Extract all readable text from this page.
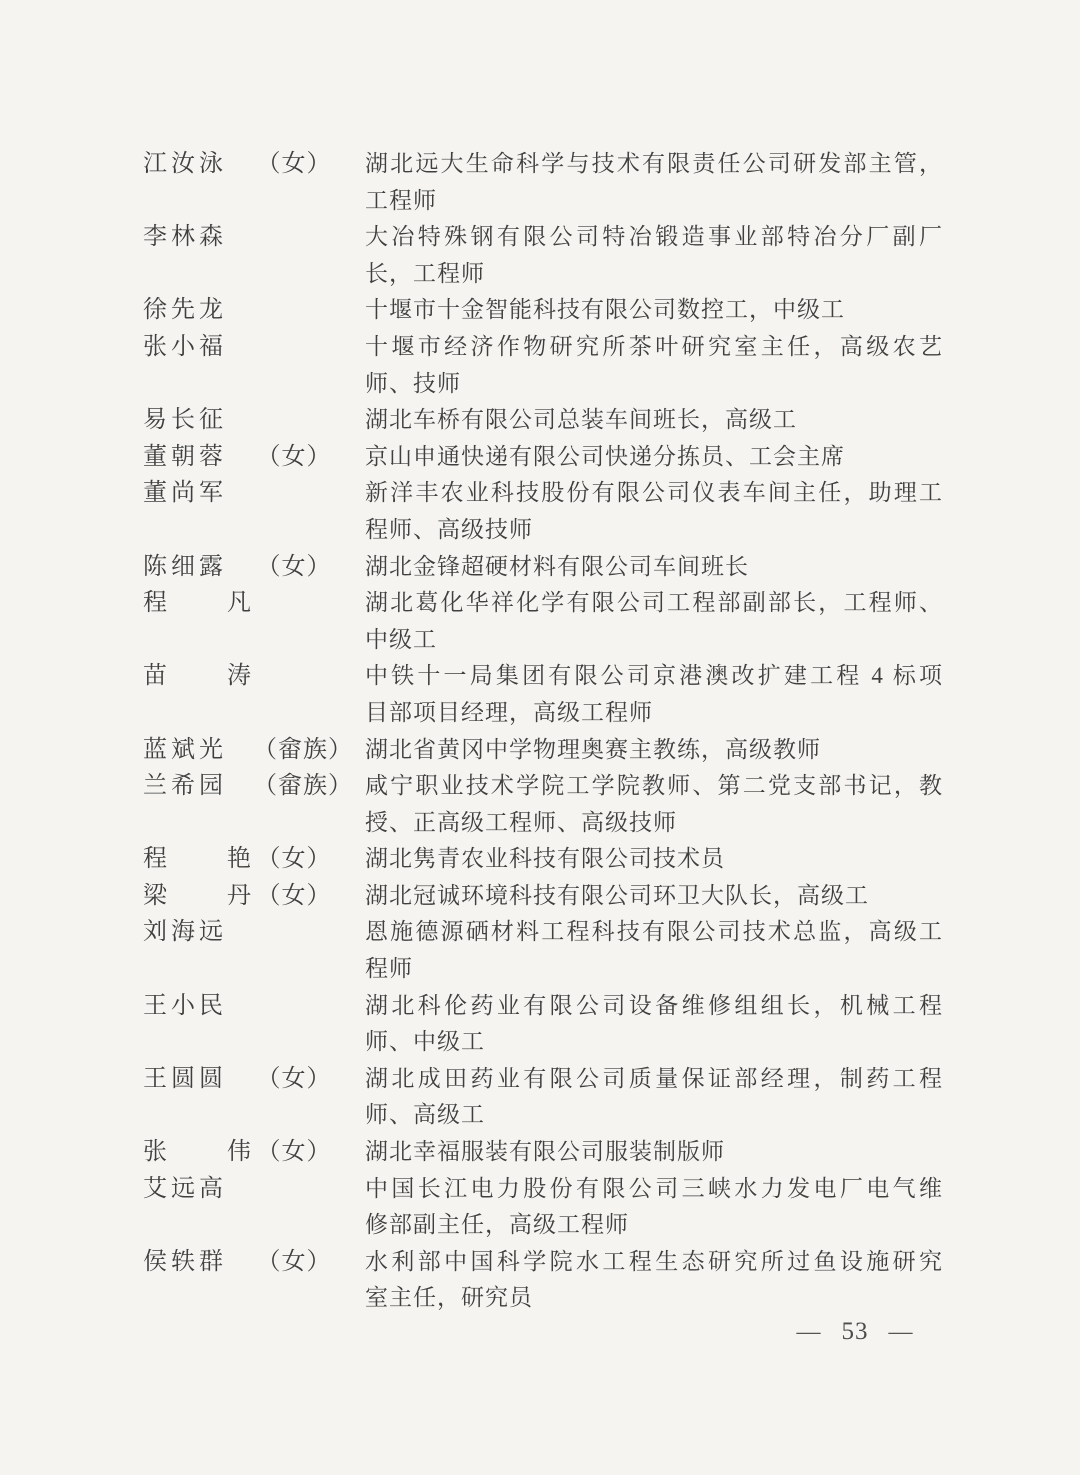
江汝泳	（女） 湖北远大生命科学与技术有限责任公司研发部主管，
工程师
李林森	大冶特殊钢有限公司特冶锻造事业部特冶分厂副厂
长，工程师
徐先龙	十堰市十金智能科技有限公司数控工，中级工
张小福	十堰市经济作物研究所茶叶研究室主任，高级农艺
师、技师
易长征	湖北车桥有限公司总装车间班长，高级工
董朝蓉	（女） 京山申通快递有限公司快递分拣员、工会主席
董尚军	新洋丰农业科技股份有限公司仪表车间主任，助理工
程师、高级技师
陈细露	（女） 湖北金锋超硬材料有限公司车间班长
程　　凡	湖北葛化华祥化学有限公司工程部副部长，工程师、
中级工
苗　　涛	中铁十一局集团有限公司京港澳改扩建工程 4 标项
目部项目经理，高级工程师
蓝斌光	（畲族） 湖北省黄冈中学物理奥赛主教练，高级教师
兰希园	（畲族） 咸宁职业技术学院工学院教师、第二党支部书记，教
授、正高级工程师、高级技师
程　　艳 （女） 湖北隽青农业科技有限公司技术员
梁　　丹 （女） 湖北冠诚环境科技有限公司环卫大队长，高级工
刘海远	恩施德源硒材料工程科技有限公司技术总监，高级工
程师
王小民	湖北科伦药业有限公司设备维修组组长，机械工程
师、中级工
王圆圆	（女） 湖北成田药业有限公司质量保证部经理，制药工程
师、高级工
张　　伟 （女） 湖北幸福服装有限公司服装制版师
艾远高	中国长江电力股份有限公司三峡水力发电厂电气维
修部副主任，高级工程师
侯轶群	（女） 水利部中国科学院水工程生态研究所过鱼设施研究
室主任，研究员
— 53 —
